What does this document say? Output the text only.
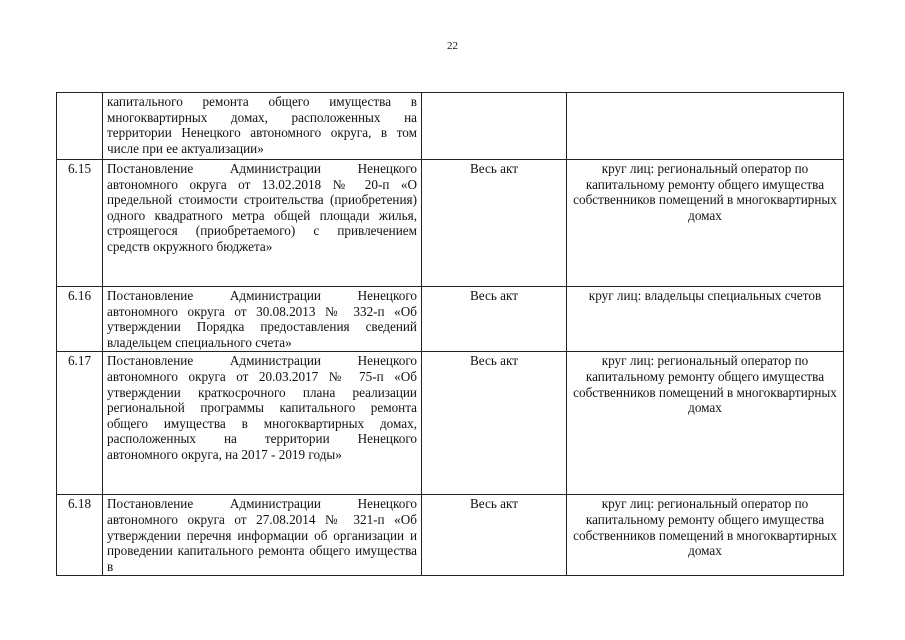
22
	капитального ремонта общего имущества в многоквартирных домах, расположенных на территории Ненецкого автономного округа, в том числе при ее актуализации»		
6.15	Постановление Администрации Ненецкого автономного округа от 13.02.2018 № 20-п «О предельной стоимости строительства (приобретения) одного квадратного метра общей площади жилья, строящегося (приобретаемого) с привлечением средств окружного бюджета»	Весь акт	круг лиц: региональный оператор по капитальному ремонту общего имущества собственников помещений в многоквартирных домах
6.16	Постановление Администрации Ненецкого автономного округа от 30.08.2013 № 332-п «Об утверждении Порядка предоставления сведений владельцем специального счета»	Весь акт	круг лиц: владельцы специальных счетов
6.17	Постановление Администрации Ненецкого автономного округа от 20.03.2017 № 75-п «Об утверждении краткосрочного плана реализации региональной программы капитального ремонта общего имущества в многоквартирных домах, расположенных на территории Ненецкого автономного округа, на 2017 - 2019 годы»	Весь акт	круг лиц: региональный оператор по капитальному ремонту общего имущества собственников помещений в многоквартирных домах
6.18	Постановление Администрации Ненецкого автономного округа от 27.08.2014 № 321-п «Об утверждении перечня информации об организации и проведении капитального ремонта общего имущества в	Весь акт	круг лиц: региональный оператор по капитальному ремонту общего имущества собственников помещений в многоквартирных домах
